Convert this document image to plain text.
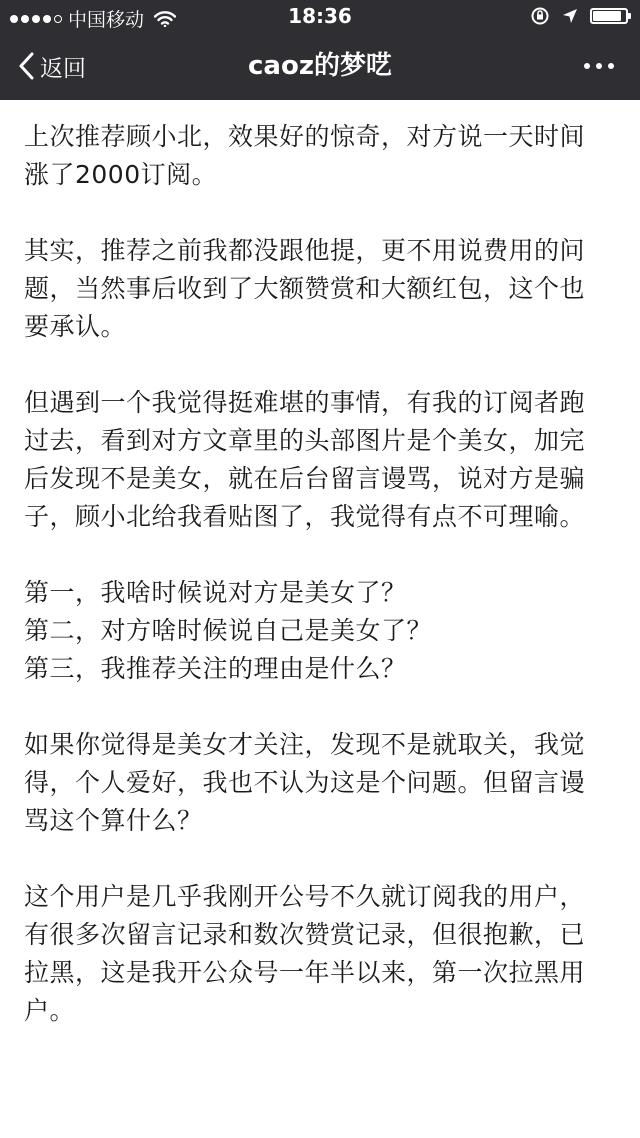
中国移动	18:36
返回	caoz的梦呓
上次推荐顾小北，效果好的惊奇，对方说一天时间
涨了2000订阅。
其实，推荐之前我都没跟他提，更不用说费用的问
题，当然事后收到了大额赞赏和大额红包，这个也
要承认。
但遇到一个我觉得挺难堪的事情，有我的订阅者跑
过去，看到对方文章里的头部图片是个美女，加完
后发现不是美女，就在后台留言谩骂，说对方是骗
子，顾小北给我看贴图了，我觉得有点不可理喻。
第一，我啥时候说对方是美女了？
第二，对方啥时候说自己是美女了？
第三，我推荐关注的理由是什么？
如果你觉得是美女才关注，发现不是就取关，我觉
得，个人爱好，我也不认为这是个问题。但留言谩
骂这个算什么？
这个用户是几乎我刚开公号不久就订阅我的用户，
有很多次留言记录和数次赞赏记录，但很抱歉，已
拉黑，这是我开公众号一年半以来，第一次拉黑用
户。
